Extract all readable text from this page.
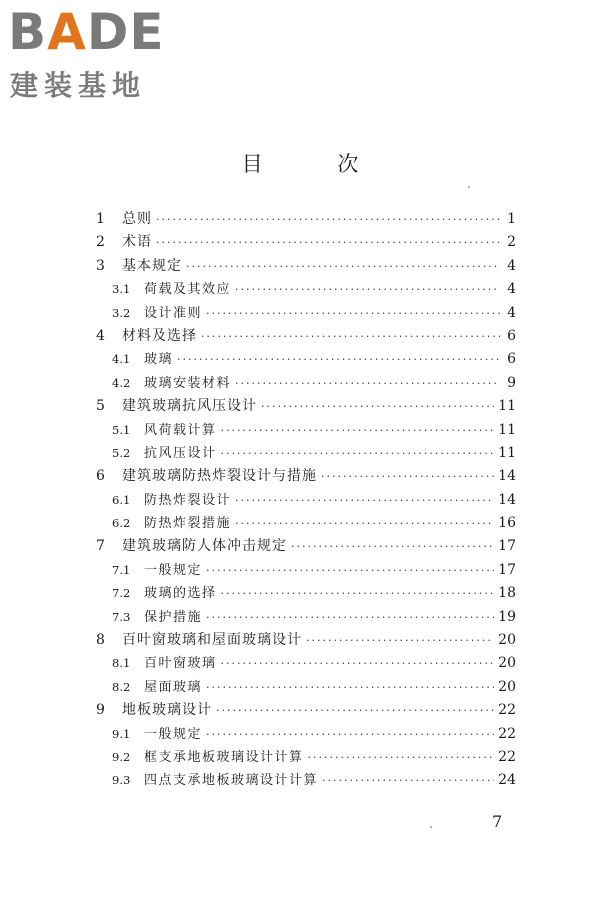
BADE
建装基地
目 次
1	总则 ·····	1
2	术语 ·····	2
3	基本规定 ·····	4
3.1	荷载及其效应 ·····	4
3.2	设计准则 ·····	4
4	材料及选择 ·····	6
4.1	玻璃 ·····	6
4.2	玻璃安装材料 ·····	9
5	建筑玻璃抗风压设计 ·····	11
5.1	风荷载计算 ·····	11
5.2	抗风压设计 ·····	11
6	建筑玻璃防热炸裂设计与措施 ·····	14
6.1	防热炸裂设计 ·····	14
6.2	防热炸裂措施 ·····	16
7	建筑玻璃防人体冲击规定 ·····	17
7.1	一般规定 ·····	17
7.2	玻璃的选择 ·····	18
7.3	保护措施 ·····	19
8	百叶窗玻璃和屋面玻璃设计 ·····	20
8.1	百叶窗玻璃 ·····	20
8.2	屋面玻璃 ·····	20
9	地板玻璃设计 ·····	22
9.1	一般规定 ·····	22
9.2	框支承地板玻璃设计计算 ·····	22
9.3	四点支承地板玻璃设计计算 ·····	24
7
